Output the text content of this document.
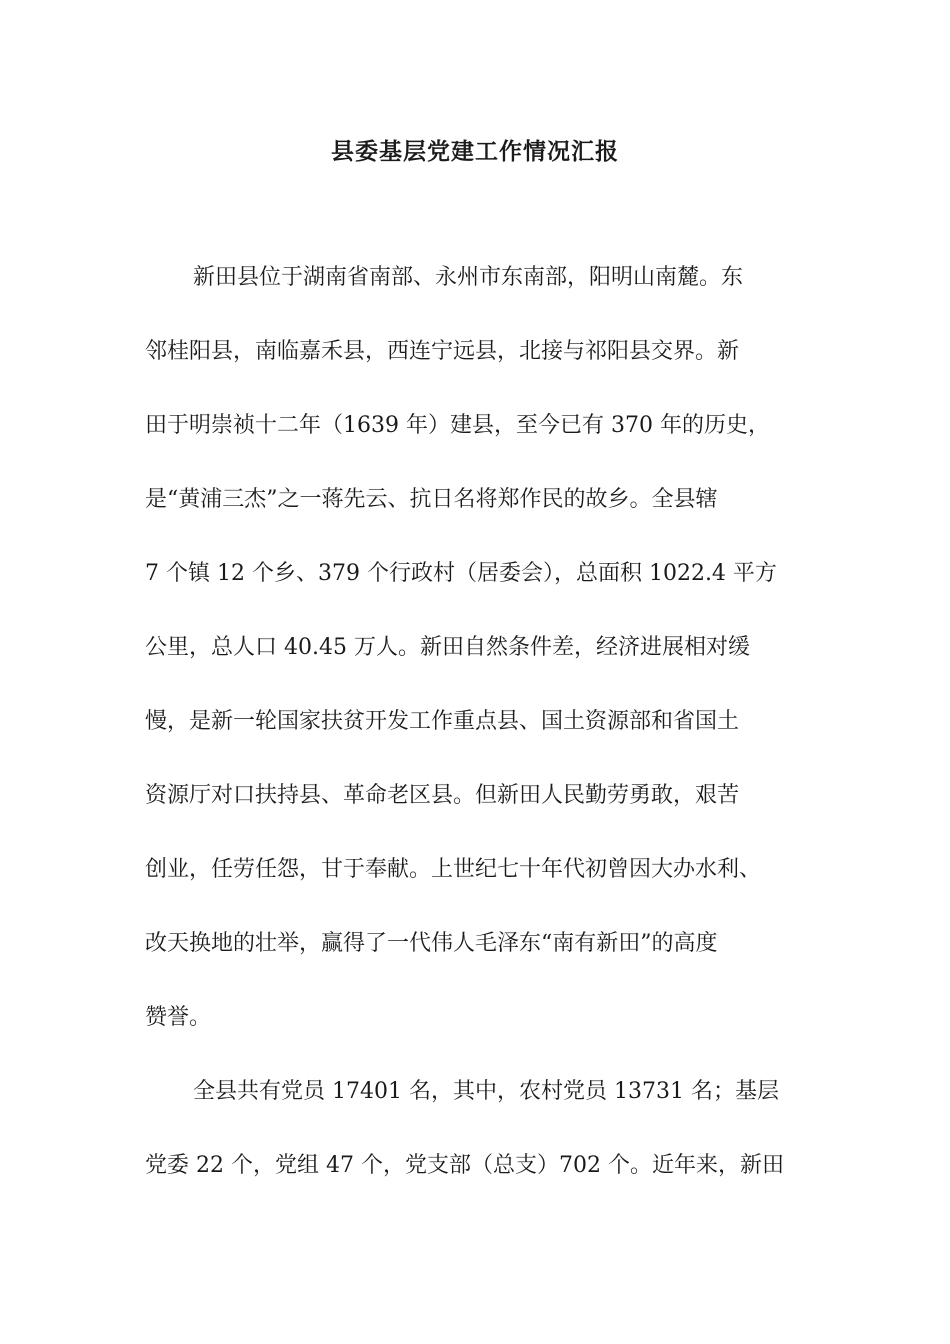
县委基层党建工作情况汇报
新田县位于湖南省南部、永州市东南部，阳明山南麓。东
邻桂阳县，南临嘉禾县，西连宁远县，北接与祁阳县交界。新
田于明崇祯十二年（1639 年）建县，至今已有 370 年的历史，
是“黄浦三杰”之一蒋先云、抗日名将郑作民的故乡。全县辖
7 个镇 12 个乡、379 个行政村（居委会），总面积 1022.4 平方
公里，总人口 40.45 万人。新田自然条件差，经济进展相对缓
慢，是新一轮国家扶贫开发工作重点县、国土资源部和省国土
资源厅对口扶持县、革命老区县。但新田人民勤劳勇敢，艰苦
创业，任劳任怨，甘于奉献。上世纪七十年代初曾因大办水利、
改天换地的壮举，赢得了一代伟人毛泽东“南有新田”的高度
赞誉。
全县共有党员 17401 名，其中，农村党员 13731 名；基层
党委 22 个，党组 47 个，党支部（总支）702 个。近年来，新田
